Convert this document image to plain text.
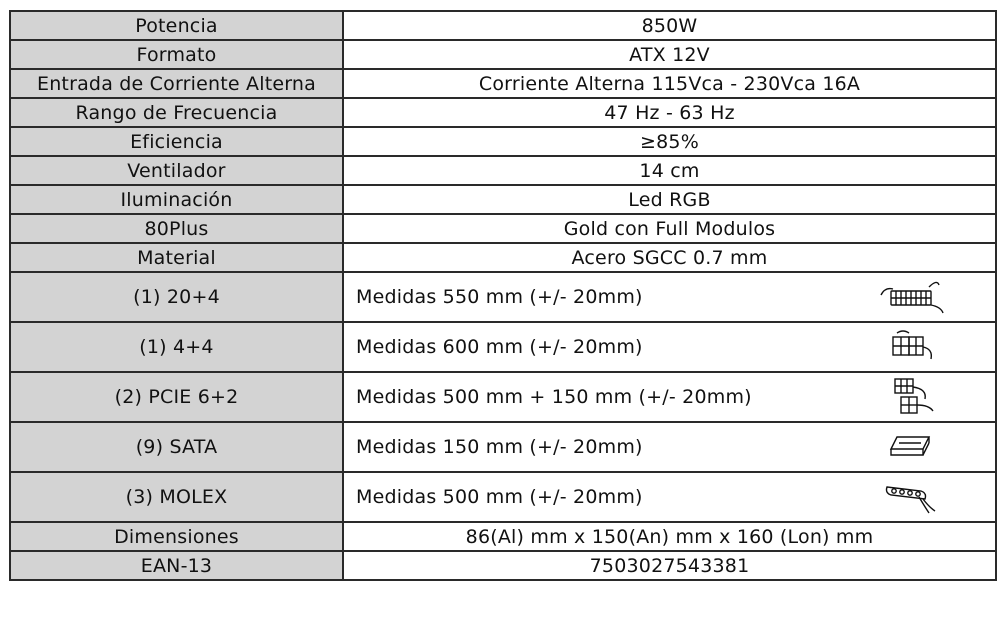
Potencia	850W
Formato	ATX 12V
Entrada de Corriente Alterna	Corriente Alterna 115Vca - 230Vca 16A
Rango de Frecuencia	47 Hz - 63 Hz
Eficiencia	≥85%
Ventilador	14 cm
Iluminación	Led RGB
80Plus	Gold con Full Modulos
Material	Acero SGCC 0.7 mm
(1) 20+4	Medidas 550 mm (+/- 20mm)

(1) 4+4	Medidas 600 mm (+/- 20mm)

(2) PCIE 6+2	Medidas 500 mm + 150 mm (+/- 20mm)

(9) SATA	Medidas 150 mm (+/- 20mm)

(3) MOLEX	Medidas 500 mm (+/- 20mm)

Dimensiones	86(Al) mm x 150(An) mm x 160 (Lon) mm
EAN-13	7503027543381
